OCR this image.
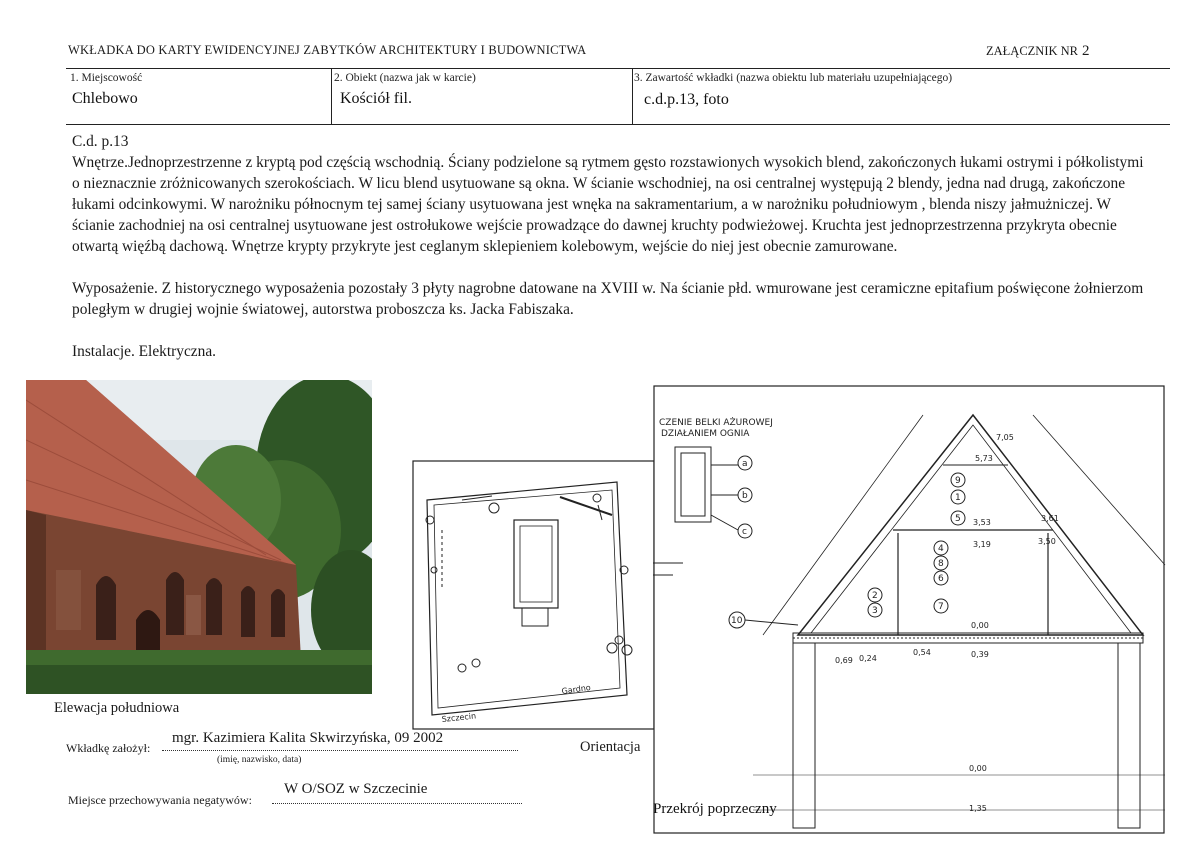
WKŁADKA DO KARTY EWIDENCYJNEJ ZABYTKÓW ARCHITEKTURY I BUDOWNICTWA	ZAŁĄCZNIK NR 2
1. Miejscowość
Chlebowo
2. Obiekt (nazwa jak w karcie)
Kościół fil.
3. Zawartość wkładki (nazwa obiektu lub materiału uzupełniającego)
c.d.p.13, foto

C.d. p.13

Wnętrze.Jednoprzestrzenne z kryptą pod częścią wschodnią. Ściany podzielone są rytmem gęsto rozstawionych wysokich blend, zakończonych łukami ostrymi i półkolistymi o nieznacznie zróżnicowanych szerokościach. W licu blend usytuowane są okna. W ścianie wschodniej, na osi centralnej występują 2 blendy, jedna nad drugą, zakończone łukami odcinkowymi. W narożniku północnym tej samej ściany usytuowana jest wnęka na sakramentarium, a w narożniku południowym , blenda niszy jałmużniczej. W ścianie zachodniej na osi centralnej usytuowane jest ostrołukowe wejście prowadzące do dawnej kruchty podwieżowej. Kruchta jest jednoprzestrzenna przykryta obecnie otwartą więźbą dachową. Wnętrze krypty przykryte jest ceglanym sklepieniem kolebowym, wejście do niej jest obecnie zamurowane.

Wyposażenie. Z historycznego wyposażenia pozostały 3 płyty nagrobne datowane na XVIII w. Na ścianie płd. wmurowane jest ceramiczne epitafium poświęcone żołnierzom poległym w drugiej wojnie światowej, autorstwa proboszcza ks. Jacka Fabiszaka.

Instalacje. Elektryczna.

Elewacja południowa
Gardno
Szczecin
Orientacja
CZENIE BELKI AŻUROWEJ
DZIAŁANIEM OGNIA
a
b
c
1
2
3
4
5
6
7
8
9
10
7,05
5,73
3,53	3,61
3,19	3,50
0,00
0,69 0,24
0,54	0,39
0,00
1,35
Przekrój poprzeczny
Wkładkę założył:
mgr. Kazimiera Kalita Skwirzyńska, 09 2002
(imię, nazwisko, data)
Miejsce przechowywania negatywów:
W O/SOZ w Szczecinie
